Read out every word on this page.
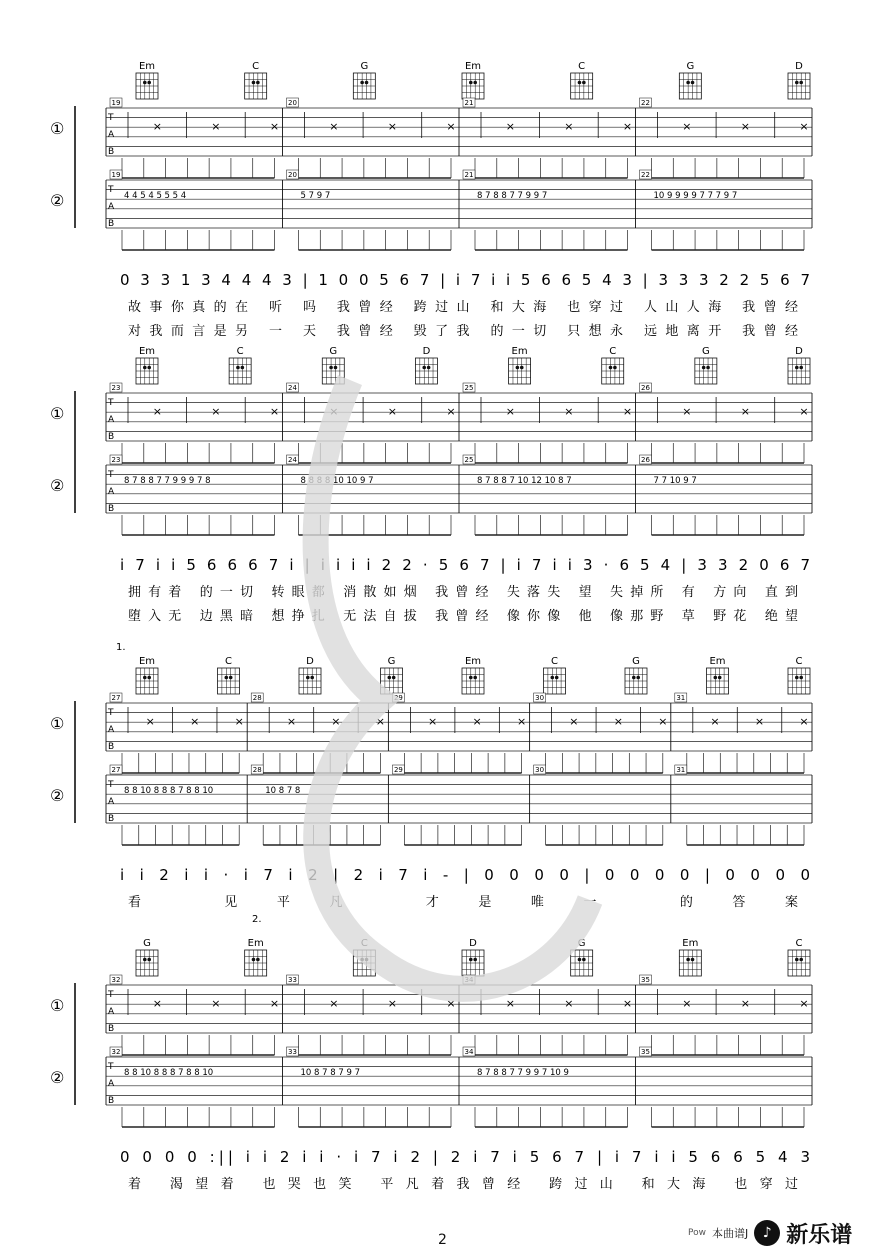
Em	C	G	Em	C	G	D
①
②
T
A
B
19
×	×	×
20
×	×	×
21
×	×	×
22
×	×	×
T
A
B
19	20	21	22
4 4 5 4 5 5 5 4	5 7 9 7	8 7 8 8 7 7 9 9 7	10 9 9 9 9 7 7 7 9 7
0 3 3 1 3 4 4 4 3 | 1 0 0 5 6 7 | i 7 i i 5 6 6 5 4 3 | 3 3 3 2 2 5 6 7
故事你真的在 听 吗 我曾经 跨过山 和大海 也穿过 人山人海 我曾经
对我而言是另 一 天 我曾经 毁了我 的一切 只想永 远地离开 我曾经
Em	C	G	D	Em	C	G	D
①
②
T
A
B
23
×	×	×
24
×	×	×
25
×	×	×
26
×	×	×
T
A
B
23	24	25	26
8 7 8 8 7 7 9 9 9 7 8	8 8 8 8 10 10 9 7	8 7 8 8 7 10 12 10 8 7	7 7 10 9 7
i 7 i i 5 6 6 6 7 i | i i i i 2 2 · 5 6 7 | i 7 i i 3 · 6 5 4 | 3 3 2 0 6 7
拥有着 的一切 转眼都 消散如烟 我曾经 失落失 望 失掉所 有 方向 直到
堕入无 边黑暗 想挣扎 无法自拔 我曾经 像你像 他 像那野 草 野花 绝望
Em	C	D	G	Em	C	G	Em	C
①
②
T
A
B
27
×	×	×
28
×	×	×
29
×	×	×
30
×	×	×
31
×	×	×
T
A
B
27	28	29	30	31
8 8 10 8 8 8 7 8 8 10	10 8 7 8
1.
i i 2 i i · i 7 i 2 | 2 i 7 i - | 0 0 0 0 | 0 0 0 0 | 0 0 0 0
看 见平凡 才是唯一 的答案
G	Em	C	D	G	Em	C
①
②
T
A
B
32
×	×	×
33
×	×	×
34
×	×	×
35
×	×	×
T
A
B
32	33	34	35
8 8 10 8 8 8 7 8 8 10	10 8 7 8 7 9 7	8 7 8 8 7 7 9 9 7 10 9
2.
0 0 0 0 :|| i i 2 i i · i 7 i 2 | 2 i 7 i 5 6 7 | i 7 i i 5 6 6 5 4 3
着 渴望着 也哭也笑 平凡着我曾经 跨过山 和大海 也穿过
2	Pow 本曲谱J	♪ 新乐谱
